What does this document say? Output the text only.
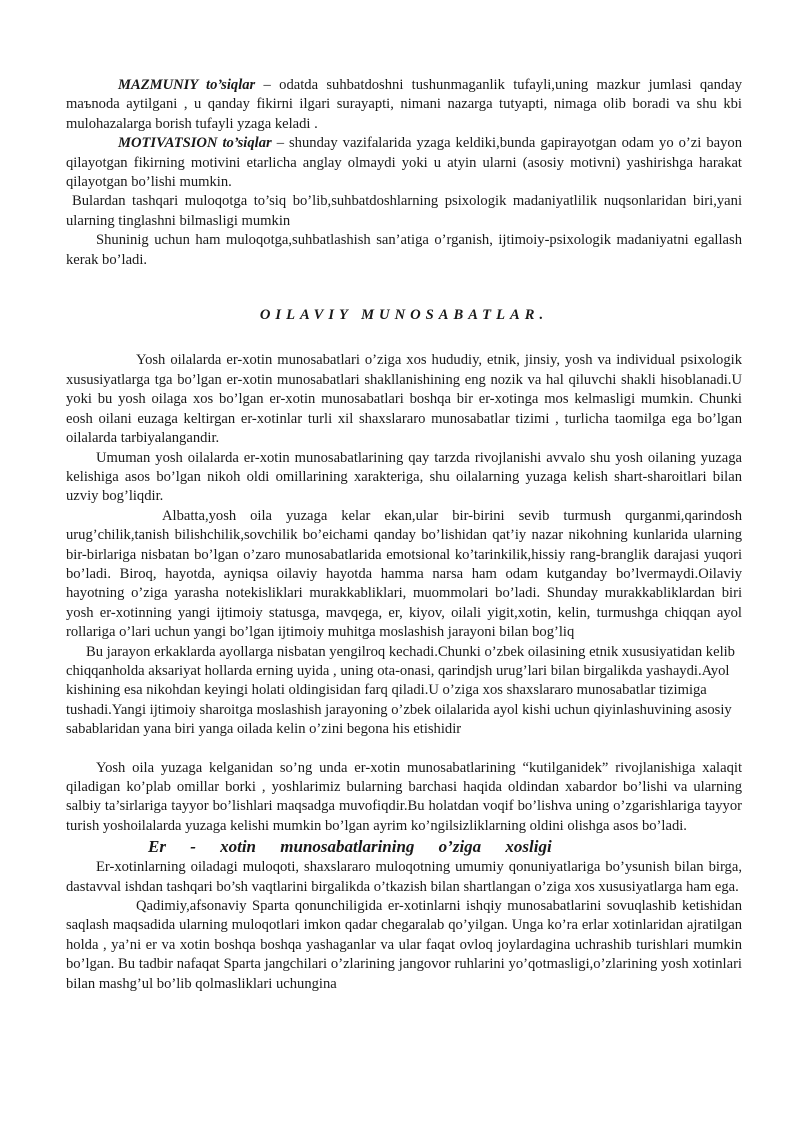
MAZMUNIY to’siqlar – odatda suhbatdoshni tushunmaganlik tufayli,uning mazkur jumlasi qanday maъnoda aytilgani , u qanday fikirni ilgari surayapti, nimani nazarga tutyapti, nimaga olib boradi va shu kbi mulohazalarga borish tufayli yzaga keladi .

MOTIVATSION to’siqlar – shunday vazifalarida yzaga keldiki,bunda gapirayotgan odam yo o’zi bayon qilayotgan fikirning motivini etarlicha anglay olmaydi yoki u atyin ularni (asosiy motivni) yashirishga harakat qilayotgan bo’lishi mumkin.

Bulardan tashqari muloqotga to’siq bo’lib,suhbatdoshlarning psixologik madaniyatlilik nuqsonlaridan biri,yani ularning tinglashni bilmasligi mumkin

Shuninig uchun ham muloqotga,suhbatlashish san’atiga o’rganish, ijtimoiy-psixologik madaniyatni egallash kerak bo’ladi.

OILAVIY MUNOSABATLAR.

Yosh oilalarda er-xotin munosabatlari o’ziga xos hududiy, etnik, jinsiy, yosh va individual psixologik xususiyatlarga tga bo’lgan er-xotin munosabatlari shakllanishining eng nozik va hal qiluvchi shakli hisoblanadi.U yoki bu yosh oilaga xos bo’lgan er-xotin munosabatlari boshqa bir er-xotinga mos kelmasligi mumkin. Chunki eosh oilani euzaga keltirgan er-xotinlar turli xil shaxslararo munosabatlar tizimi , turlicha taomilga ega bo’lgan oilalarda tarbiyalangandir.

Umuman yosh oilalarda er-xotin munosabatlarining qay tarzda rivojlanishi avvalo shu yosh oilaning yuzaga kelishiga asos bo’lgan nikoh oldi omillarining xarakteriga, shu oilalarning yuzaga kelish shart-sharoitlari bilan uzviy bog’liqdir.

Albatta,yosh oila yuzaga kelar ekan,ular bir-birini sevib turmush qurganmi,qarindosh urug’chilik,tanish bilishchilik,sovchilik bo’eichami qanday bo’lishidan qat’iy nazar nikohning kunlarida ularning bir-birlariga nisbatan bo’lgan o’zaro munosabatlarida emotsional ko’tarinkilik,hissiy rang-branglik darajasi yuqori bo’ladi. Biroq, hayotda, ayniqsa oilaviy hayotda hamma narsa ham odam kutganday bo’lvermaydi.Oilaviy hayotning o’ziga yarasha notekisliklari murakkabliklari, muommolari bo’ladi. Shunday murakkabliklardan biri yosh er-xotinning yangi ijtimoiy statusga, mavqega, er, kiyov, oilali yigit,xotin, kelin, turmushga chiqqan ayol rollariga o’lari uchun yangi bo’lgan ijtimoiy muhitga moslashish jarayoni bilan bog’liq

Bu jarayon erkaklarda ayollarga nisbatan yengilroq kechadi.Chunki o’zbek oilasining etnik xususiyatidan kelib chiqqanholda aksariyat hollarda erning uyida , uning ota-onasi, qarindjsh urug’lari bilan birgalikda yashaydi.Ayol kishining esa nikohdan keyingi holati oldingisidan farq qiladi.U o’ziga xos shaxslararo munosabatlar tizimiga tushadi.Yangi ijtimoiy sharoitga moslashish jarayoning o’zbek oilalarida ayol kishi uchun qiyinlashuvining asosiy sabablaridan yana biri yanga oilada kelin o’zini begona his etishidir

Yosh oila yuzaga kelganidan so’ng unda er-xotin munosabatlarining “kutilganidek” rivojlanishiga xalaqit qiladigan ko’plab omillar borki , yoshlarimiz bularning barchasi haqida oldindan xabardor bo’lishi va ularning salbiy ta’sirlariga tayyor bo’lishlari maqsadga muvofiqdir.Bu holatdan voqif bo’lishva uning o’zgarishlariga tayyor turish yoshoilalarda yuzaga kelishi mumkin bo’lgan ayrim ko’ngilsizliklarning oldini olishga asos bo’ladi.

Er - xotin munosabatlarining o’ziga xosligi

Er-xotinlarning oiladagi muloqoti, shaxslararo muloqotning umumiy qonuniyatlariga bo’ysunish bilan birga, dastavval ishdan tashqari bo’sh vaqtlarini birgalikda o’tkazish bilan shartlangan o’ziga xos xususiyatlarga ham ega.

Qadimiy,afsonaviy Sparta qonunchiligida er-xotinlarni ishqiy munosabatlarini sovuqlashib ketishidan saqlash maqsadida ularning muloqotlari imkon qadar chegaralab qo’yilgan. Unga ko’ra erlar xotinlaridan ajratilgan holda , ya’ni er va xotin boshqa boshqa yashaganlar va ular faqat ovloq joylardagina uchrashib turishlari mumkin bo’lgan. Bu tadbir nafaqat Sparta jangchilari o’zlarining jangovor ruhlarini yo’qotmasligi,o’zlarining yosh xotinlari bilan mashg’ul bo’lib qolmasliklari uchungina
